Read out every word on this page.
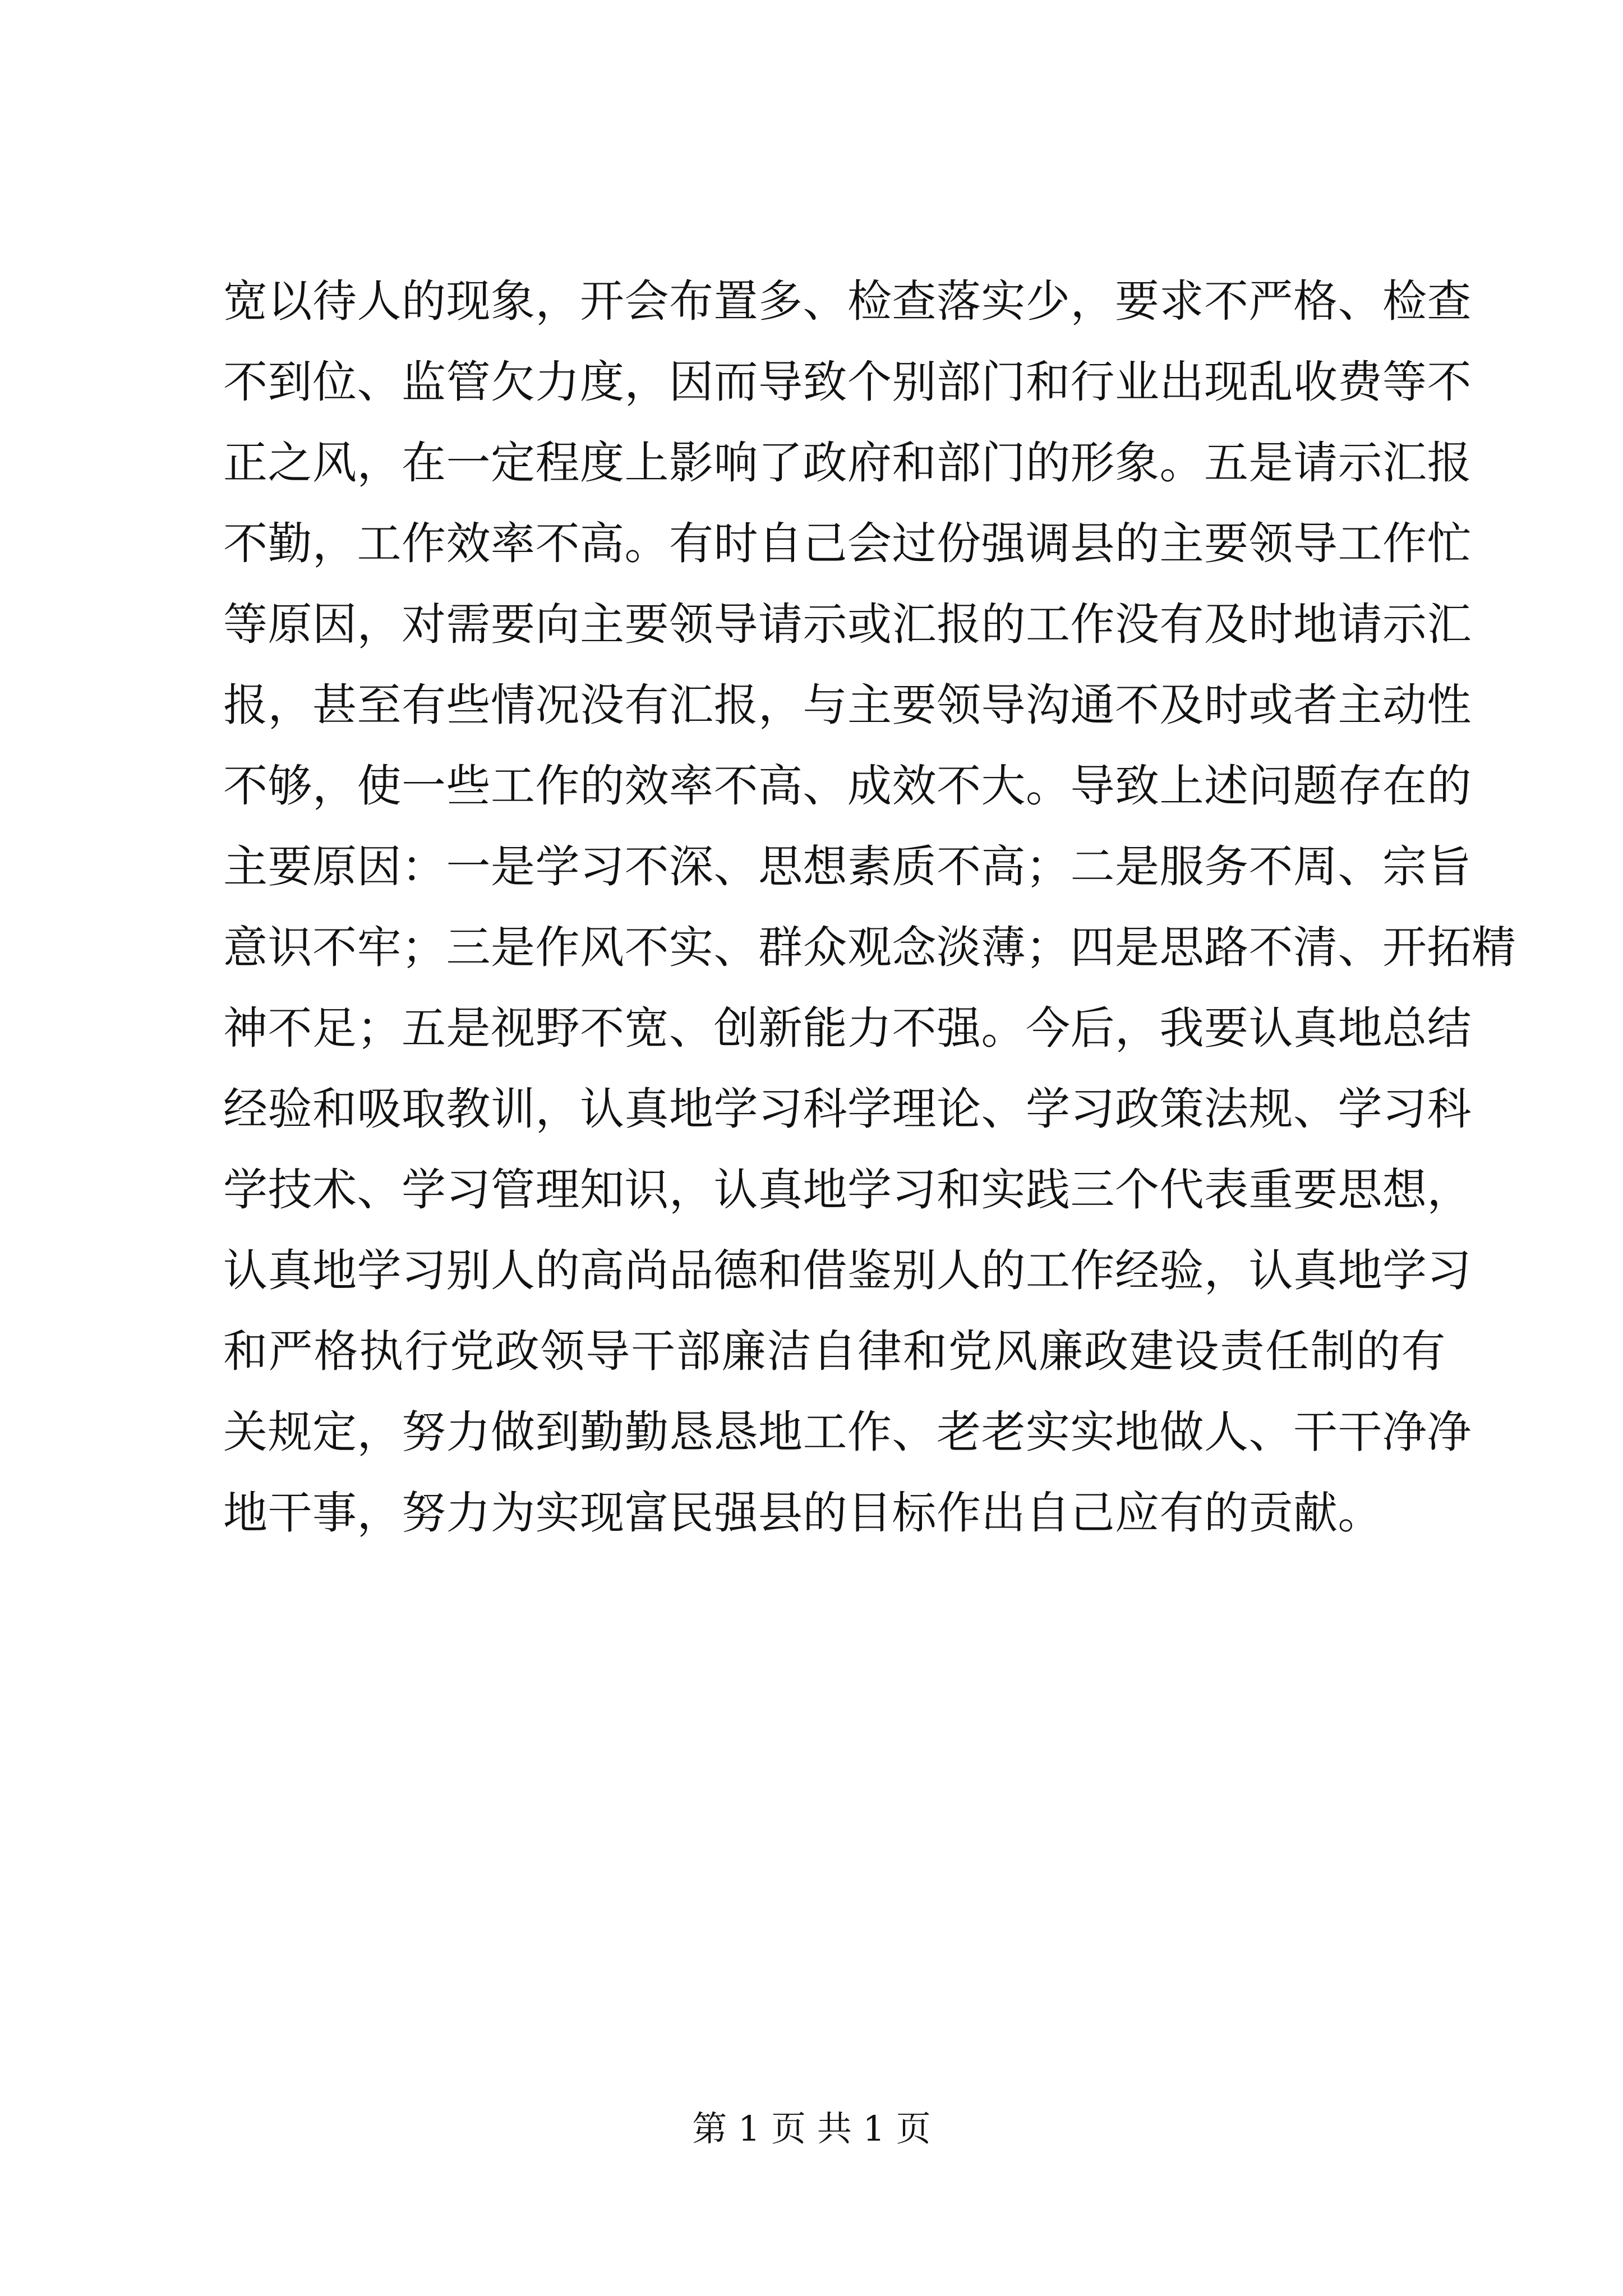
宽以待人的现象，开会布置多、检查落实少，要求不严格、检查
不到位、监管欠力度，因而导致个别部门和行业出现乱收费等不
正之风，在一定程度上影响了政府和部门的形象。五是请示汇报
不勤，工作效率不高。有时自己会过份强调县的主要领导工作忙
等原因，对需要向主要领导请示或汇报的工作没有及时地请示汇
报，甚至有些情况没有汇报，与主要领导沟通不及时或者主动性
不够，使一些工作的效率不高、成效不大。导致上述问题存在的
主要原因：一是学习不深、思想素质不高；二是服务不周、宗旨
意识不牢；三是作风不实、群众观念淡薄；四是思路不清、开拓精
神不足；五是视野不宽、创新能力不强。今后，我要认真地总结
经验和吸取教训，认真地学习科学理论、学习政策法规、学习科
学技术、学习管理知识，认真地学习和实践三个代表重要思想，
认真地学习别人的高尚品德和借鉴别人的工作经验，认真地学习
和严格执行党政领导干部廉洁自律和党风廉政建设责任制的有
关规定，努力做到勤勤恳恳地工作、老老实实地做人、干干净净
地干事，努力为实现富民强县的目标作出自己应有的贡献。
第 1 页 共 1 页
